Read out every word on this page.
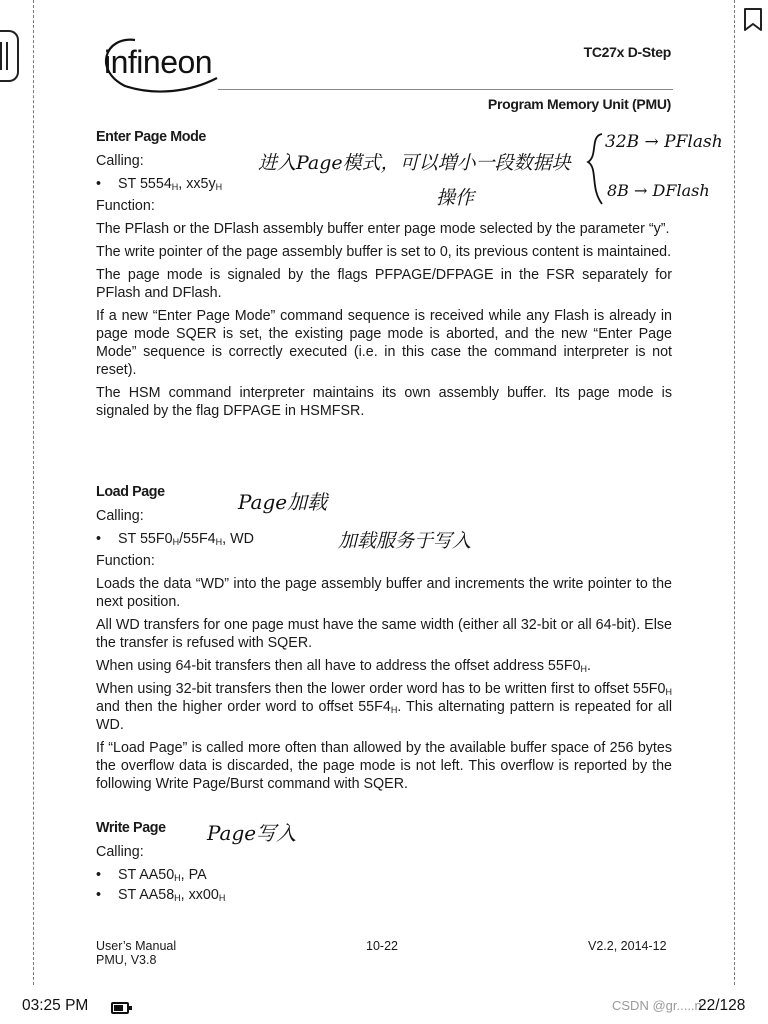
infineon	TC27x D-Step
Program Memory Unit (PMU)
Enter Page Mode
Calling:
• ST $5554_H$, $xx5y_H$
Function:
The PFlash or the DFlash assembly buffer enter page mode selected by the parameter “y”.
The write pointer of the page assembly buffer is set to 0, its previous content is maintained.
The page mode is signaled by the flags PFPAGE/DFPAGE in the FSR separately for PFlash and DFlash.
If a new “Enter Page Mode” command sequence is received while any Flash is already in page mode SQER is set, the existing page mode is aborted, and the new “Enter Page Mode” sequence is correctly executed (i.e. in this case the command interpreter is not reset).
The HSM command interpreter maintains its own assembly buffer. Its page mode is signaled by the flag DFPAGE in HSMFSR.
Load Page
Calling:
• ST $55F0_H/55F4_H$, WD
Function:
Loads the data “WD” into the page assembly buffer and increments the write pointer to the next position.
All WD transfers for one page must have the same width (either all 32-bit or all 64-bit). Else the transfer is refused with SQER.
When using 64-bit transfers then all have to address the offset address $55F0_H$.
When using 32-bit transfers then the lower order word has to be written first to offset $55F0_H$ and then the higher order word to offset $55F4_H$. This alternating pattern is repeated for all WD.
If “Load Page” is called more often than allowed by the available buffer space of 256 bytes the overflow data is discarded, the page mode is not left. This overflow is reported by the following Write Page/Burst command with SQER.
Write Page
Calling:
• ST $AA50_H$, PA
• ST $AA58_H$, $xx00_H$
进入Page模式，可以増小一段数据块
操作
32B → PFlash
8B → DFlash
Page加载
加载服务于写入
Page写入
User’s Manual
PMU, V3.8
10-22	V2.2, 2014-12
03:25 PM	CSDN @gr.....n
22/128
